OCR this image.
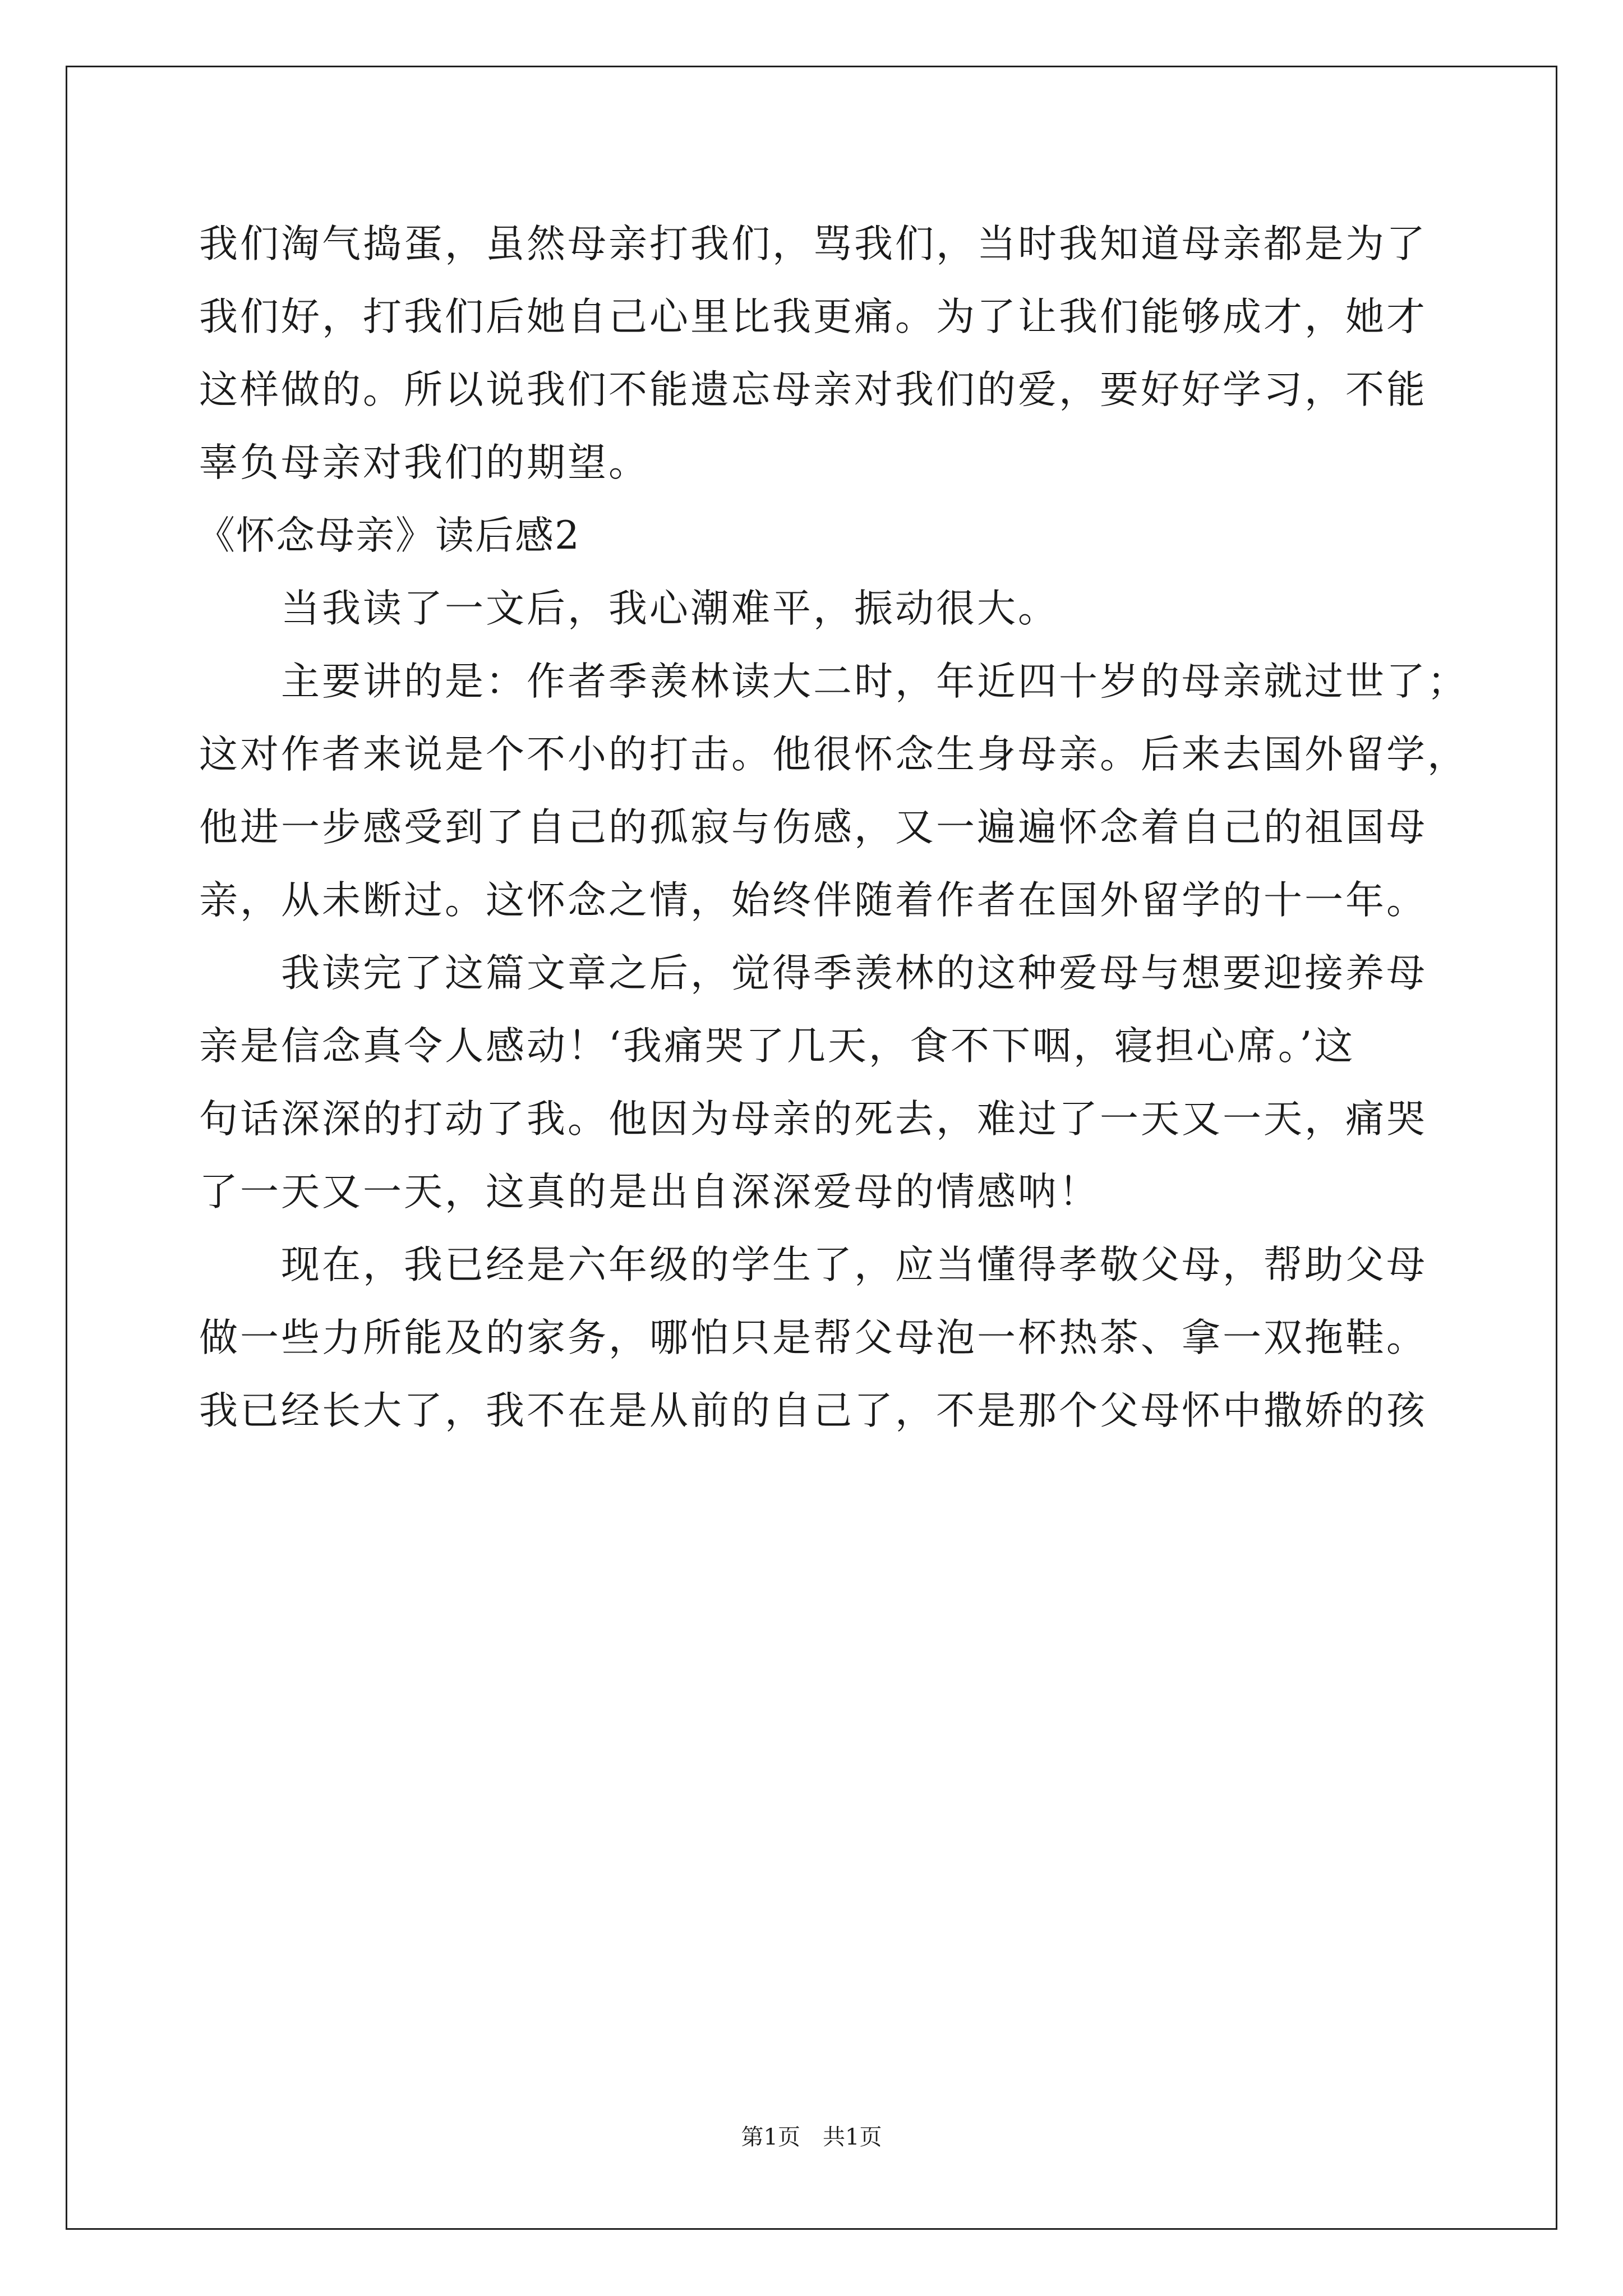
我们淘气捣蛋，虽然母亲打我们，骂我们，当时我知道母亲都是为了
我们好，打我们后她自己心里比我更痛。为了让我们能够成才，她才
这样做的。所以说我们不能遗忘母亲对我们的爱，要好好学习，不能
辜负母亲对我们的期望。
《怀念母亲》读后感2
当我读了一文后，我心潮难平，振动很大。
主要讲的是：作者季羡林读大二时，年近四十岁的母亲就过世了；
这对作者来说是个不小的打击。他很怀念生身母亲。后来去国外留学，
他进一步感受到了自己的孤寂与伤感，又一遍遍怀念着自己的祖国母
亲，从未断过。这怀念之情，始终伴随着作者在国外留学的十一年。
我读完了这篇文章之后，觉得季羡林的这种爱母与想要迎接养母
亲是信念真令人感动！‘我痛哭了几天，食不下咽，寝担心席。’这
句话深深的打动了我。他因为母亲的死去，难过了一天又一天，痛哭
了一天又一天，这真的是出自深深爱母的情感呐！
现在，我已经是六年级的学生了，应当懂得孝敬父母，帮助父母
做一些力所能及的家务，哪怕只是帮父母泡一杯热茶、拿一双拖鞋。
我已经长大了，我不在是从前的自己了，不是那个父母怀中撒娇的孩
第1页 共1页
